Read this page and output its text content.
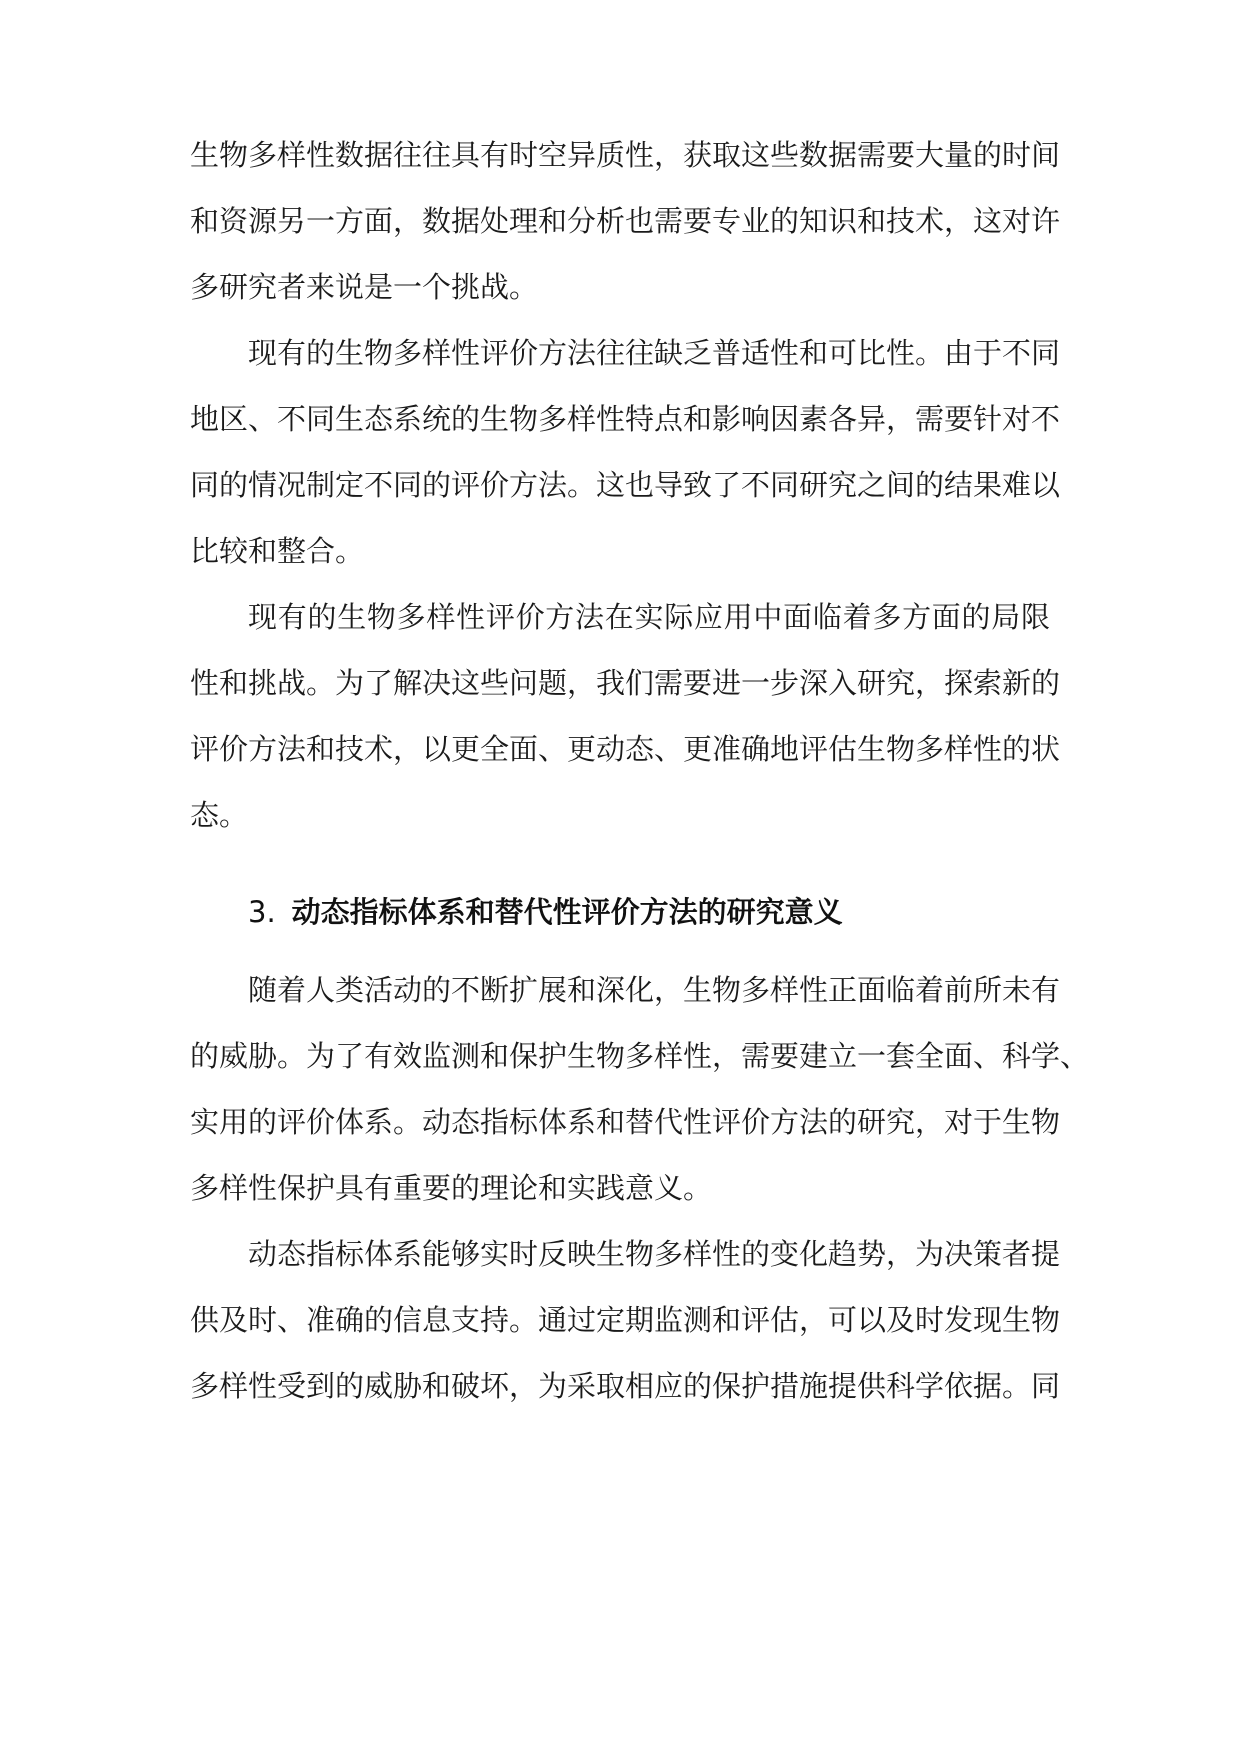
生物多样性数据往往具有时空异质性，获取这些数据需要大量的时间
和资源另一方面，数据处理和分析也需要专业的知识和技术，这对许
多研究者来说是一个挑战。
现有的生物多样性评价方法往往缺乏普适性和可比性。由于不同
地区、不同生态系统的生物多样性特点和影响因素各异，需要针对不
同的情况制定不同的评价方法。这也导致了不同研究之间的结果难以
比较和整合。
现有的生物多样性评价方法在实际应用中面临着多方面的局限
性和挑战。为了解决这些问题，我们需要进一步深入研究，探索新的
评价方法和技术，以更全面、更动态、更准确地评估生物多样性的状
态。
3. 动态指标体系和替代性评价方法的研究意义
随着人类活动的不断扩展和深化，生物多样性正面临着前所未有
的威胁。为了有效监测和保护生物多样性，需要建立一套全面、科学、
实用的评价体系。动态指标体系和替代性评价方法的研究，对于生物
多样性保护具有重要的理论和实践意义。
动态指标体系能够实时反映生物多样性的变化趋势，为决策者提
供及时、准确的信息支持。通过定期监测和评估，可以及时发现生物
多样性受到的威胁和破坏，为采取相应的保护措施提供科学依据。同
